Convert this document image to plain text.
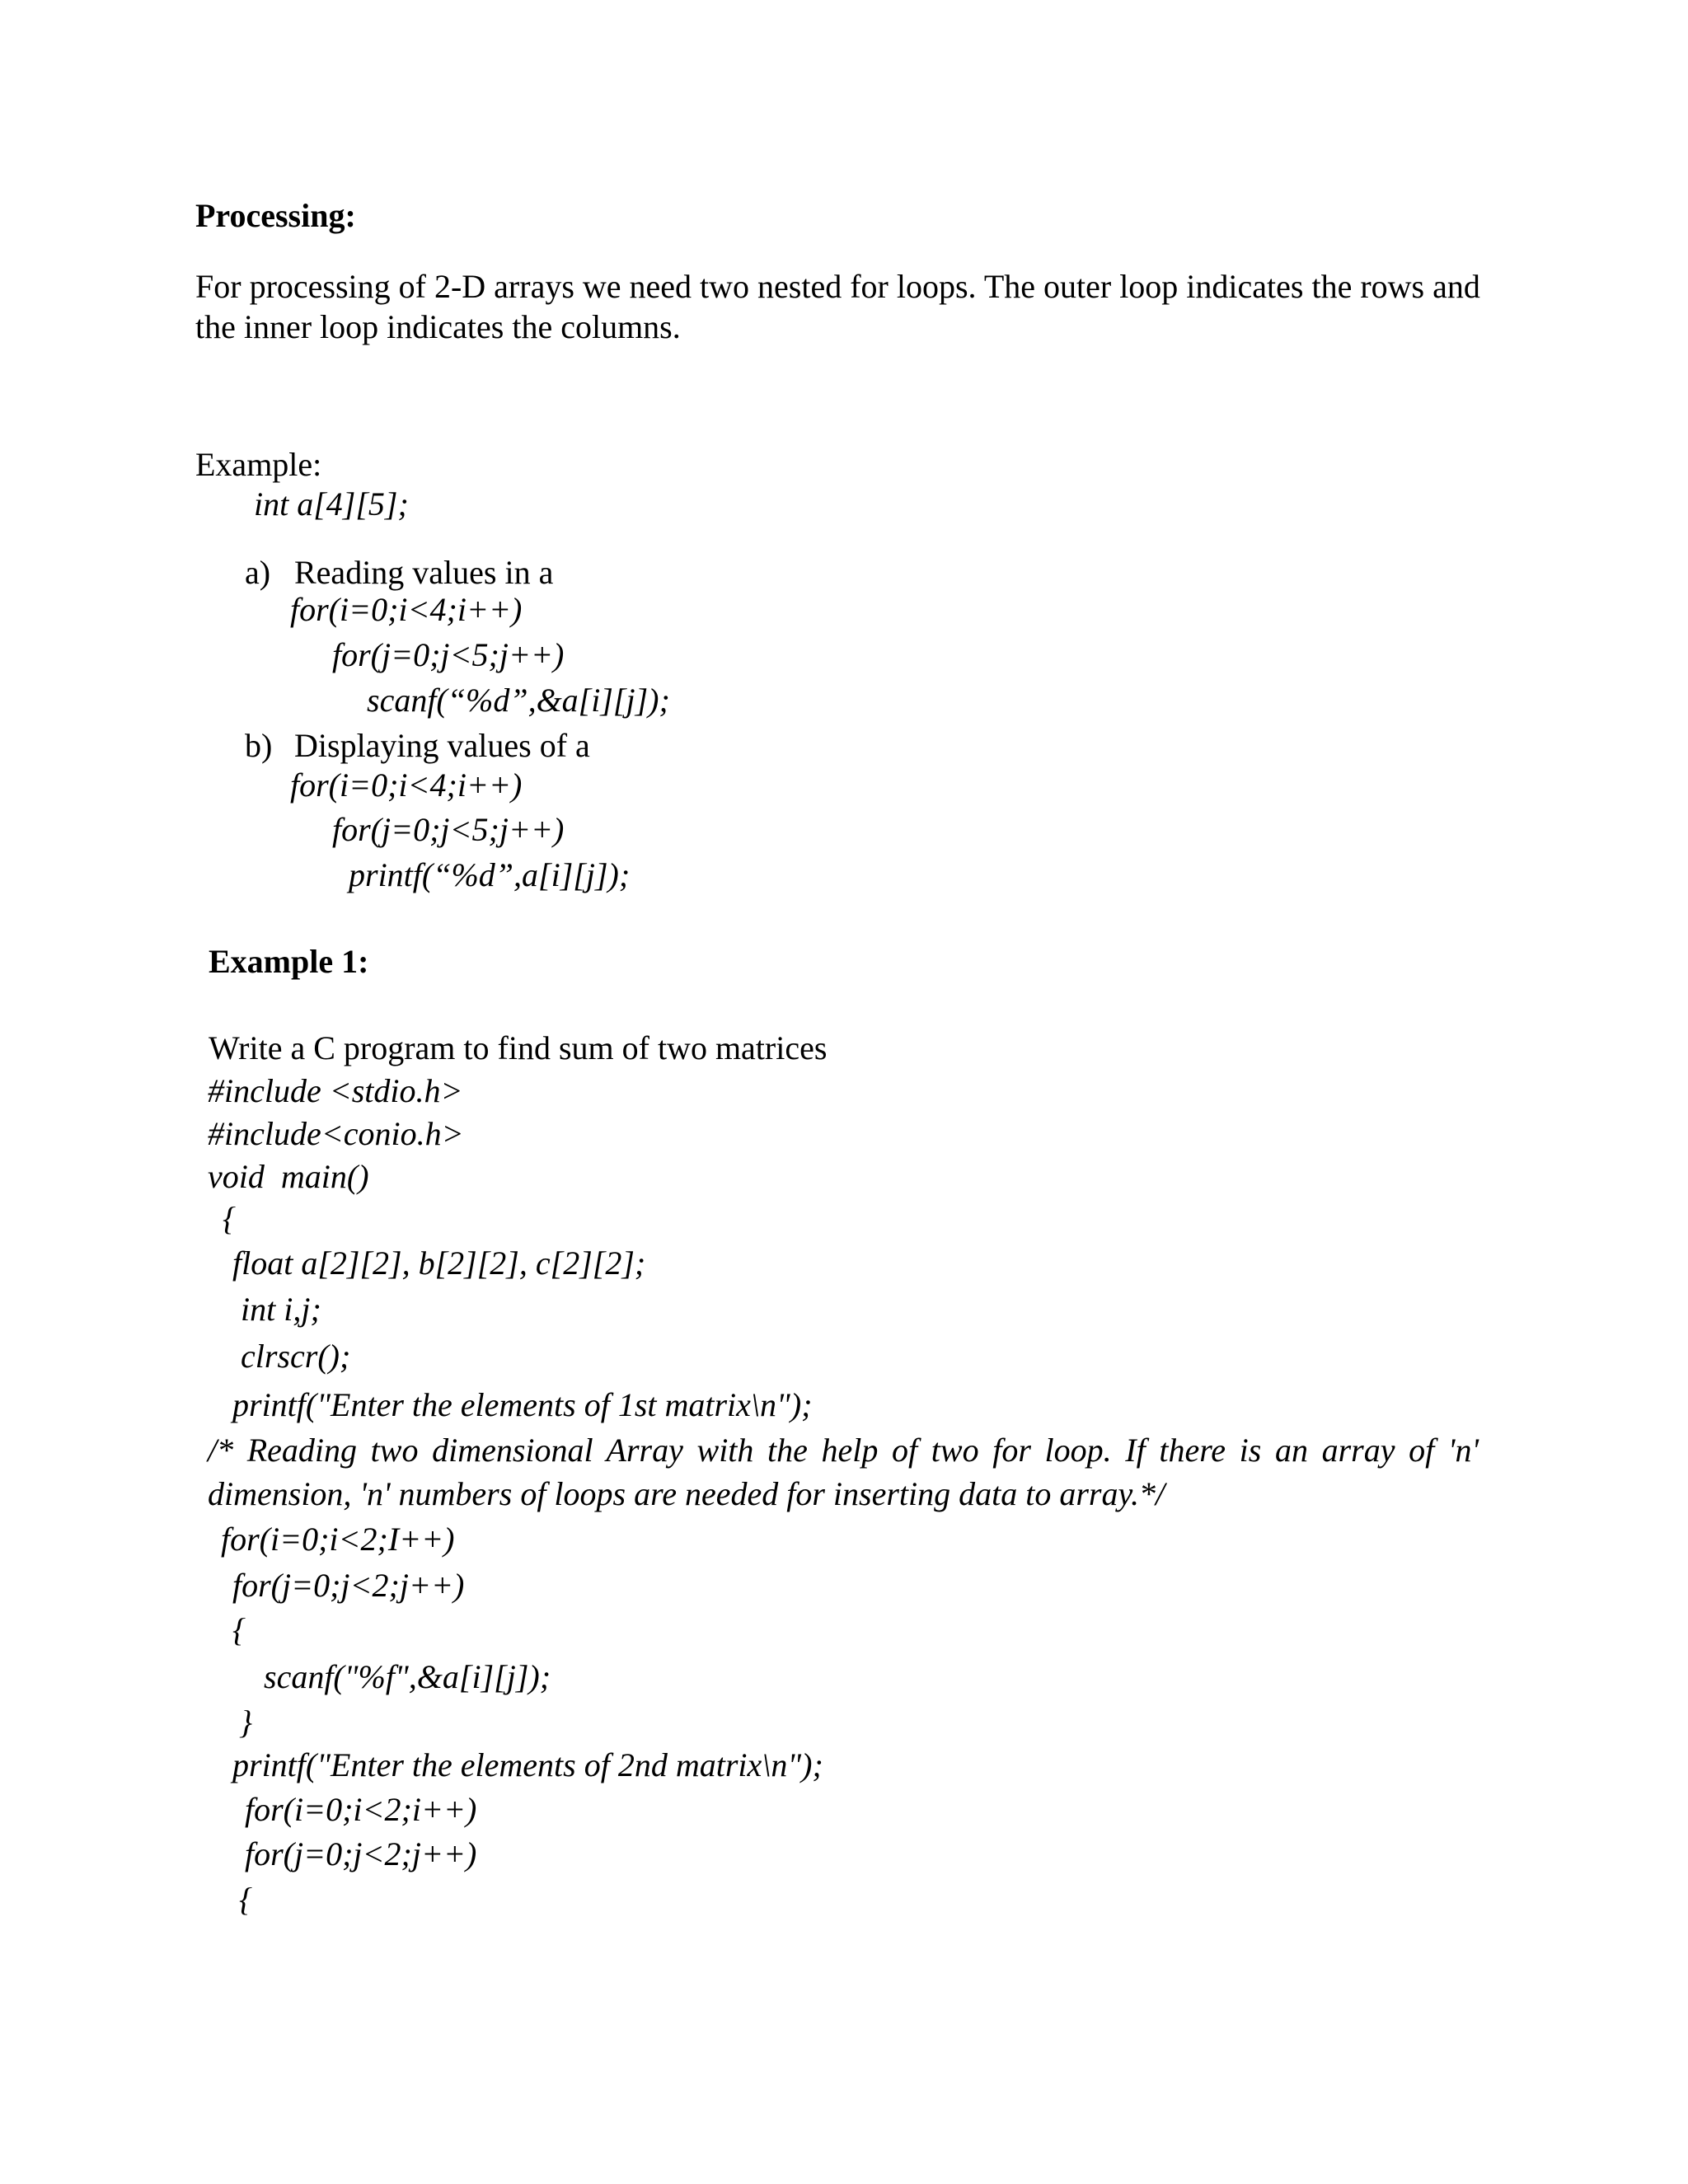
Processing:
For processing of 2-D arrays we need two nested for loops. The outer loop indicates the rows and
the inner loop indicates the columns.
Example:
int a[4][5];
a) Reading values in a
for(i=0;i<4;i++)
for(j=0;j<5;j++)
scanf(“%d”,&a[i][j]);
b) Displaying values of a
for(i=0;i<4;i++)
for(j=0;j<5;j++)
printf(“%d”,a[i][j]);
Example 1:
Write a C program to find sum of two matrices
#include <stdio.h>
#include<conio.h>
void  main()
{
float a[2][2], b[2][2], c[2][2];
int i,j;
clrscr();
printf("Enter the elements of 1st matrix\n");
/* Reading two dimensional Array with the help of two for loop. If there is an array of 'n' dimension, 'n' numbers of loops are needed for inserting data to array.*/
for(i=0;i<2;I++)
for(j=0;j<2;j++)
{
scanf("%f",&a[i][j]);
}
printf("Enter the elements of 2nd matrix\n");
for(i=0;i<2;i++)
for(j=0;j<2;j++)
{
